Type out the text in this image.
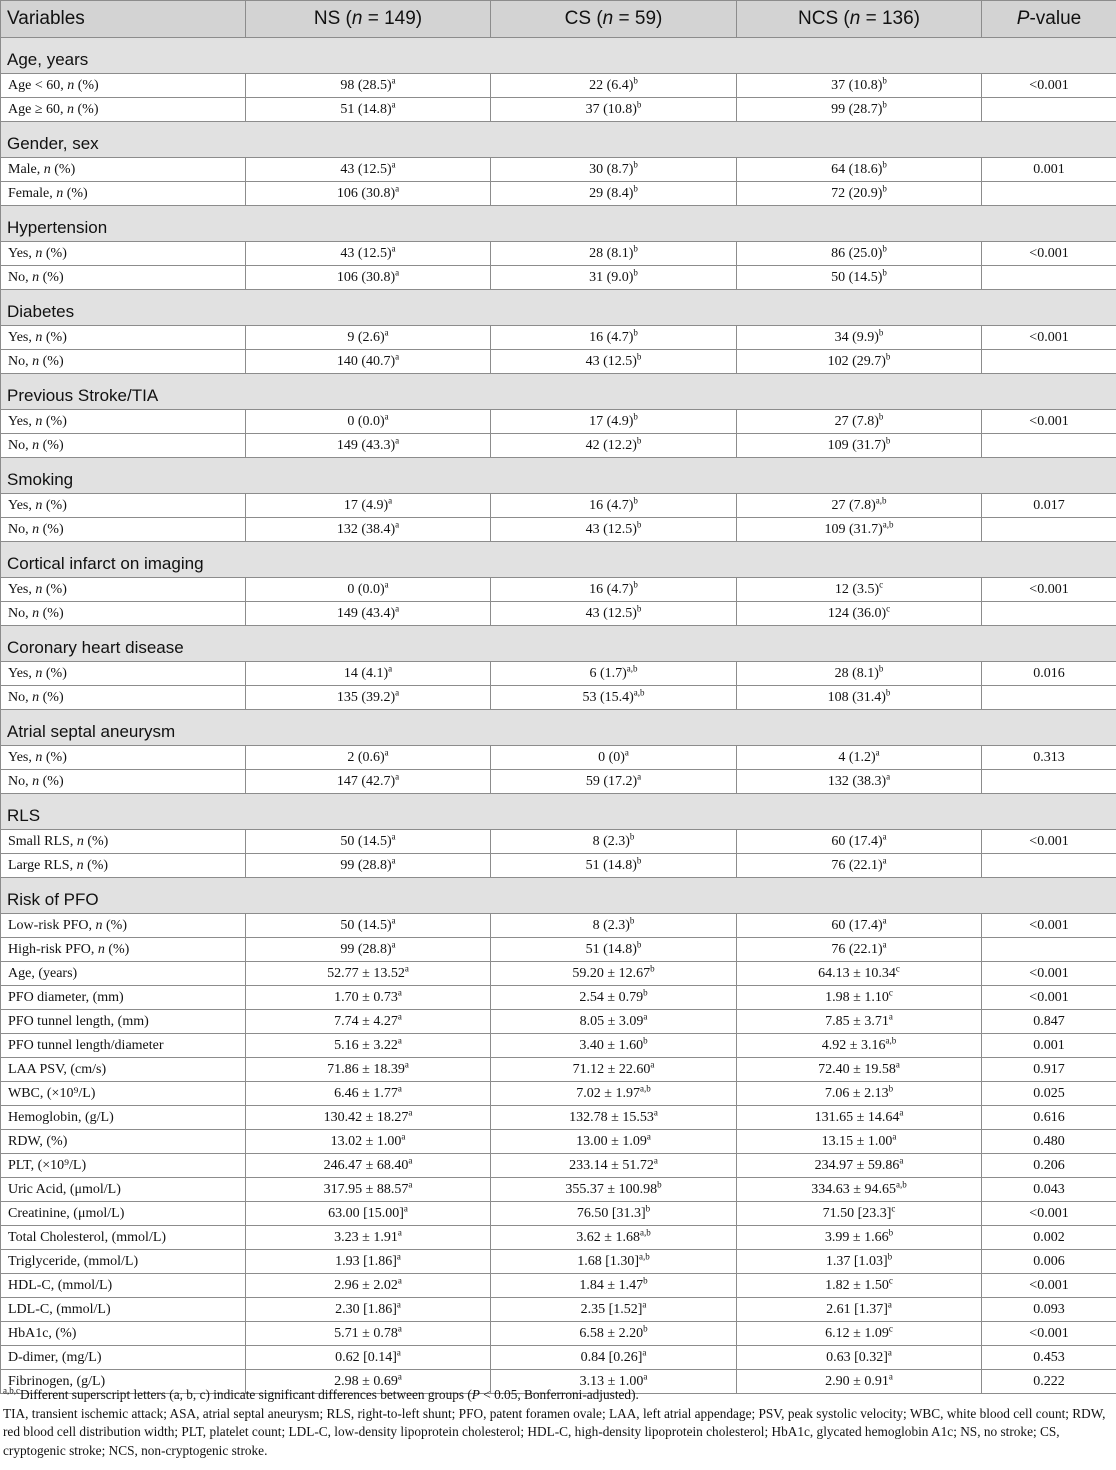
Variables	NS (n = 149)	CS (n = 59)	NCS (n = 136)	P-value
Age, years				
Age < 60, n (%)	98 $(28.5)^a$	22 $(6.4)^b$	37 $(10.8)^b$	<0.001
Age ≥ 60, n (%)	51 $(14.8)^a$	37 $(10.8)^b$	99 $(28.7)^b$	
Gender, sex				
Male, n (%)	43 $(12.5)^a$	30 $(8.7)^b$	64 $(18.6)^b$	0.001
Female, n (%)	106 $(30.8)^a$	29 $(8.4)^b$	72 $(20.9)^b$	
Hypertension				
Yes, n (%)	43 $(12.5)^a$	28 $(8.1)^b$	86 $(25.0)^b$	<0.001
No, n (%)	106 $(30.8)^a$	31 $(9.0)^b$	50 $(14.5)^b$	
Diabetes				
Yes, n (%)	9 $(2.6)^a$	16 $(4.7)^b$	34 $(9.9)^b$	<0.001
No, n (%)	140 $(40.7)^a$	43 $(12.5)^b$	102 $(29.7)^b$	
Previous Stroke/TIA				
Yes, n (%)	0 $(0.0)^a$	17 $(4.9)^b$	27 $(7.8)^b$	<0.001
No, n (%)	149 $(43.3)^a$	42 $(12.2)^b$	109 $(31.7)^b$	
Smoking				
Yes, n (%)	17 $(4.9)^a$	16 $(4.7)^b$	27 $(7.8)^{a,b}$	0.017
No, n (%)	132 $(38.4)^a$	43 $(12.5)^b$	109 $(31.7)^{a,b}$	
Cortical infarct on imaging				
Yes, n (%)	0 $(0.0)^a$	16 $(4.7)^b$	12 $(3.5)^c$	<0.001
No, n (%)	149 $(43.4)^a$	43 $(12.5)^b$	124 $(36.0)^c$	
Coronary heart disease				
Yes, n (%)	14 $(4.1)^a$	6 $(1.7)^{a,b}$	28 $(8.1)^b$	0.016
No, n (%)	135 $(39.2)^a$	53 $(15.4)^{a,b}$	108 $(31.4)^b$	
Atrial septal aneurysm				
Yes, n (%)	2 $(0.6)^a$	0 $(0)^a$	4 $(1.2)^a$	0.313
No, n (%)	147 $(42.7)^a$	59 $(17.2)^a$	132 $(38.3)^a$	
RLS				
Small RLS, n (%)	50 $(14.5)^a$	8 $(2.3)^b$	60 $(17.4)^a$	<0.001
Large RLS, n (%)	99 $(28.8)^a$	51 $(14.8)^b$	76 $(22.1)^a$	
Risk of PFO				
Low-risk PFO, n (%)	50 $(14.5)^a$	8 $(2.3)^b$	60 $(17.4)^a$	<0.001
High-risk PFO, n (%)	99 $(28.8)^a$	51 $(14.8)^b$	76 $(22.1)^a$	
Age, (years)	52.77 ± 13.52$^a$	59.20 ± 12.67$^b$	64.13 ± 10.34$^c$	<0.001
PFO diameter, (mm)	1.70 ± 0.73$^a$	2.54 ± 0.79$^b$	1.98 ± 1.10$^c$	<0.001
PFO tunnel length, (mm)	7.74 ± 4.27$^a$	8.05 ± 3.09$^a$	7.85 ± 3.71$^a$	0.847
PFO tunnel length/diameter	5.16 ± 3.22$^a$	3.40 ± 1.60$^b$	$4.92 \pm 3.16^{a,b}$	0.001
LAA PSV, (cm/s)	71.86 ± 18.39$^a$	71.12 ± 22.60$^a$	72.40 ± 19.58$^a$	0.917
WBC, (×10⁹/L)	6.46 ± 1.77$^a$	$7.02 \pm 1.97^{a,b}$	7.06 ± 2.13$^b$	0.025
Hemoglobin, (g/L)	130.42 ± 18.27$^a$	132.78 ± 15.53$^a$	131.65 ± 14.64$^a$	0.616
RDW, (%)	13.02 ± 1.00$^a$	13.00 ± 1.09$^a$	13.15 ± 1.00$^a$	0.480
PLT, (×10⁹/L)	246.47 ± 68.40$^a$	233.14 ± 51.72$^a$	234.97 ± 59.86$^a$	0.206
Uric Acid, (μmol/L)	317.95 ± 88.57$^a$	355.37 ± 100.98$^b$	$334.63 \pm 94.65^{a,b}$	0.043
Creatinine, (μmol/L)	63.00 $[15.00]^a$	76.50 $[31.3]^b$	71.50 $[23.3]^c$	<0.001
Total Cholesterol, (mmol/L)	3.23 ± 1.91$^a$	$3.62 \pm 1.68^{a,b}$	3.99 ± 1.66$^b$	0.002
Triglyceride, (mmol/L)	1.93 $[1.86]^a$	1.68 $[1.30]^{a,b}$	1.37 $[1.03]^b$	0.006
HDL-C, (mmol/L)	2.96 ± 2.02$^a$	1.84 ± 1.47$^b$	1.82 ± 1.50$^c$	<0.001
LDL-C, (mmol/L)	2.30 $[1.86]^a$	2.35 $[1.52]^a$	2.61 $[1.37]^a$	0.093
HbA1c, (%)	5.71 ± 0.78$^a$	6.58 ± 2.20$^b$	6.12 ± 1.09$^c$	<0.001
D-dimer, (mg/L)	0.62 $[0.14]^a$	0.84 $[0.26]^a$	0.63 $[0.32]^a$	0.453
Fibrinogen, (g/L)	2.98 ± 0.69$^a$	3.13 ± 1.00$^a$	2.90 ± 0.91$^a$	0.222

$^{a,b,c}$Different superscript letters (a, b, c) indicate significant differences between groups (P < 0.05, Bonferroni-adjusted).

TIA, transient ischemic attack; ASA, atrial septal aneurysm; RLS, right-to-left shunt; PFO, patent foramen ovale; LAA, left atrial appendage; PSV, peak systolic velocity; WBC, white blood cell count; RDW, red blood cell distribution width; PLT, platelet count; LDL-C, low-density lipoprotein cholesterol; HDL-C, high-density lipoprotein cholesterol; HbA1c, glycated hemoglobin A1c; NS, no stroke; CS, cryptogenic stroke; NCS, non-cryptogenic stroke.
